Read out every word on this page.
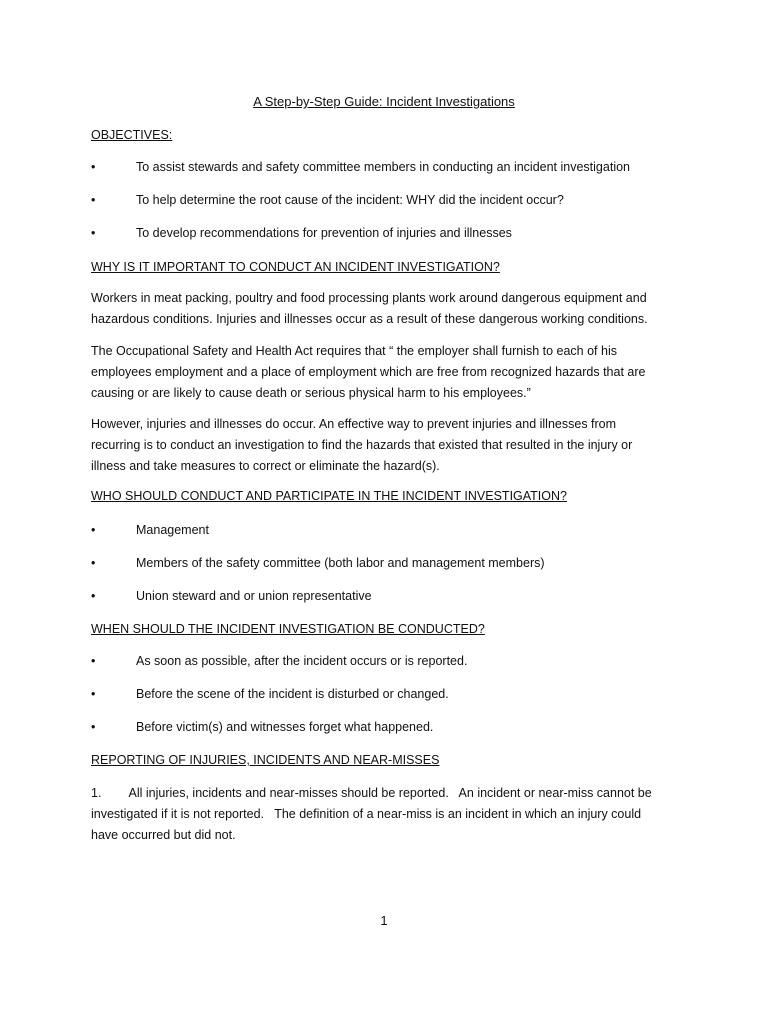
A Step-by-Step Guide: Incident Investigations
OBJECTIVES:
•	To assist stewards and safety committee members in conducting an incident investigation
•	To help determine the root cause of the incident: WHY did the incident occur?
•	To develop recommendations for prevention of injuries and illnesses
WHY IS IT IMPORTANT TO CONDUCT AN INCIDENT INVESTIGATION?
Workers in meat packing, poultry and food processing plants work around dangerous equipment and
hazardous conditions. Injuries and illnesses occur as a result of these dangerous working conditions.
The Occupational Safety and Health Act requires that “ the employer shall furnish to each of his
employees employment and a place of employment which are free from recognized hazards that are
causing or are likely to cause death or serious physical harm to his employees.”
However, injuries and illnesses do occur. An effective way to prevent injuries and illnesses from
recurring is to conduct an investigation to find the hazards that existed that resulted in the injury or
illness and take measures to correct or eliminate the hazard(s).
WHO SHOULD CONDUCT AND PARTICIPATE IN THE INCIDENT INVESTIGATION?
•	Management
•	Members of the safety committee (both labor and management members)
•	Union steward and or union representative
WHEN SHOULD THE INCIDENT INVESTIGATION BE CONDUCTED?
•	As soon as possible, after the incident occurs or is reported.
•	Before the scene of the incident is disturbed or changed.
•	Before victim(s) and witnesses forget what happened.
REPORTING OF INJURIES, INCIDENTS AND NEAR-MISSES
1.        All injuries, incidents and near-misses should be reported.   An incident or near-miss cannot be
investigated if it is not reported.   The definition of a near-miss is an incident in which an injury could
have occurred but did not.
1
